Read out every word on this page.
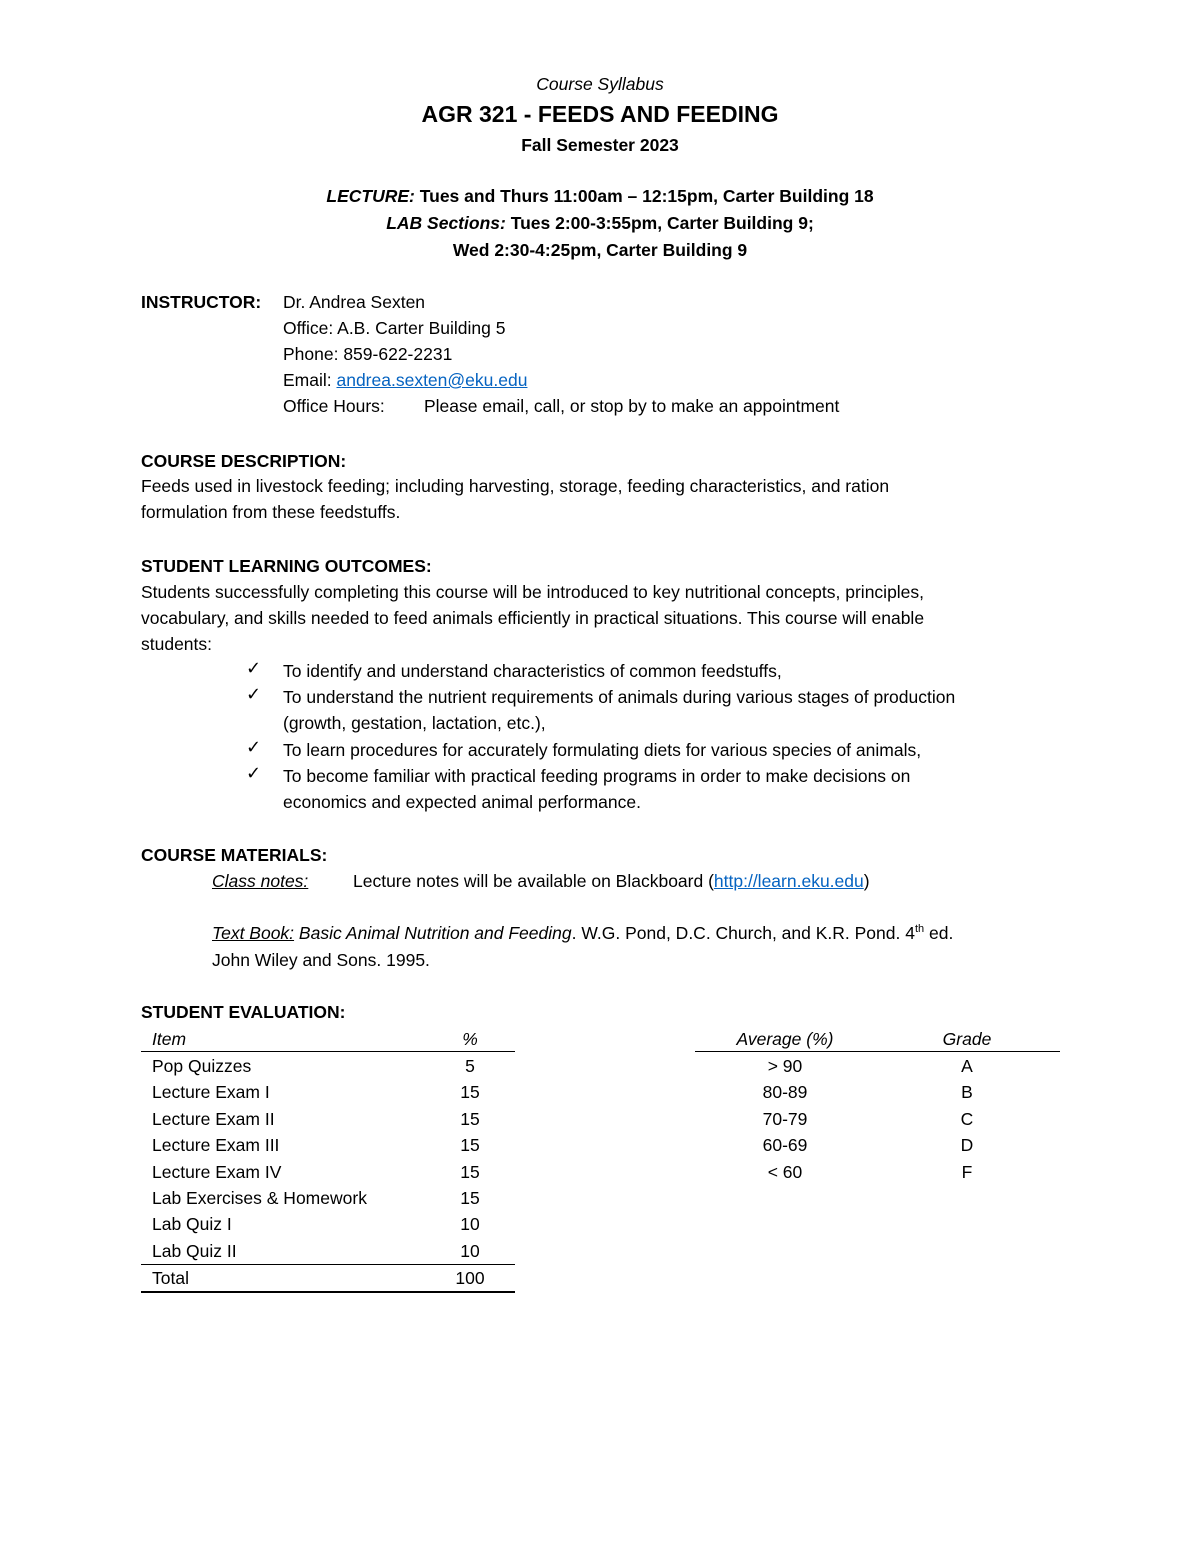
Course Syllabus
AGR 321 - FEEDS AND FEEDING
Fall Semester 2023
LECTURE: Tues and Thurs 11:00am – 12:15pm, Carter Building 18
LAB Sections: Tues 2:00-3:55pm, Carter Building 9;
Wed 2:30-4:25pm, Carter Building 9
INSTRUCTOR: Dr. Andrea Sexten
Office: A.B. Carter Building 5
Phone: 859-622-2231
Email: andrea.sexten@eku.edu
Office Hours: Please email, call, or stop by to make an appointment
COURSE DESCRIPTION:
Feeds used in livestock feeding; including harvesting, storage, feeding characteristics, and ration
formulation from these feedstuffs.
STUDENT LEARNING OUTCOMES:
Students successfully completing this course will be introduced to key nutritional concepts, principles,
vocabulary, and skills needed to feed animals efficiently in practical situations. This course will enable
students:
✓ To identify and understand characteristics of common feedstuffs,
✓ To understand the nutrient requirements of animals during various stages of production
(growth, gestation, lactation, etc.),
✓ To learn procedures for accurately formulating diets for various species of animals,
✓ To become familiar with practical feeding programs in order to make decisions on
economics and expected animal performance.
COURSE MATERIALS:
Class notes:	Lecture notes will be available on Blackboard (http://learn.eku.edu)
Text Book: Basic Animal Nutrition and Feeding. W.G. Pond, D.C. Church, and K.R. Pond. 4th ed.
John Wiley and Sons. 1995.
STUDENT EVALUATION:
Item	%
Pop Quizzes	5
Lecture Exam I	15
Lecture Exam II	15
Lecture Exam III	15
Lecture Exam IV	15
Lab Exercises & Homework	15
Lab Quiz I	10
Lab Quiz II	10
Total	100
Average (%)	Grade
> 90	A
80-89	B
70-79	C
60-69	D
< 60	F
